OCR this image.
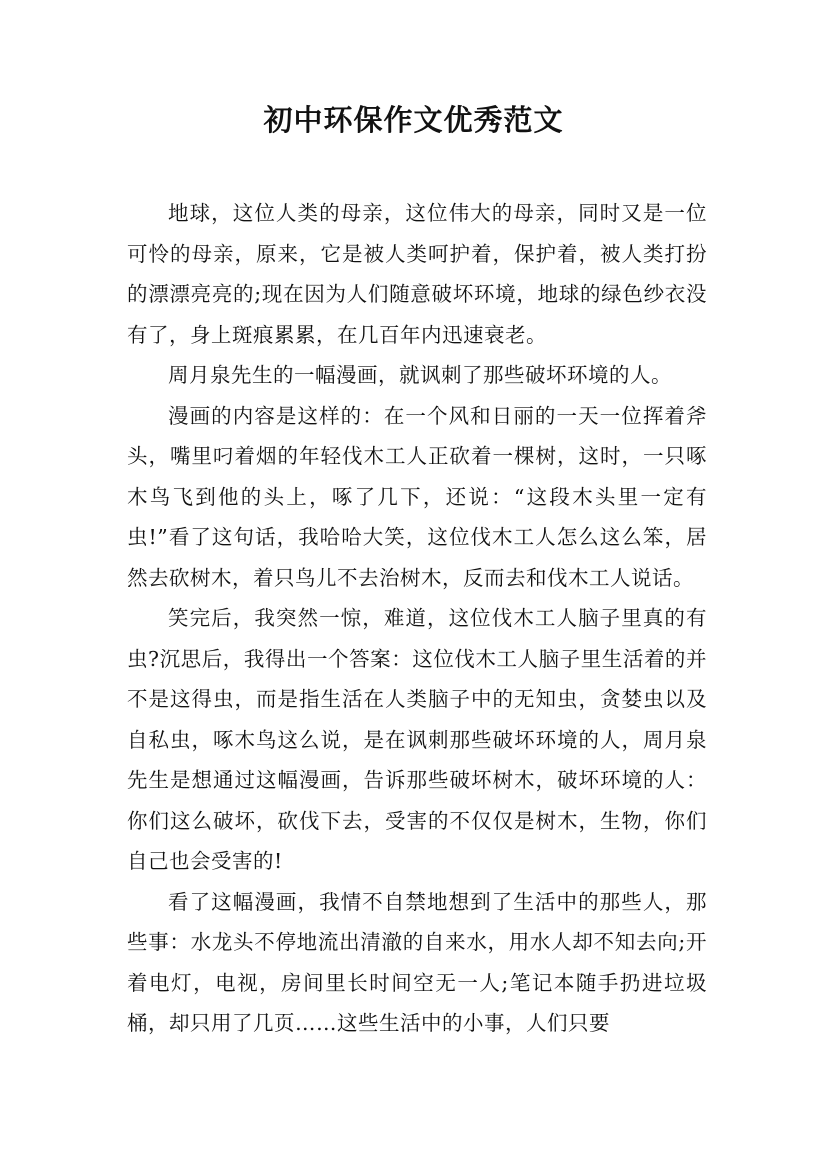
初中环保作文优秀范文

地球，这位人类的母亲，这位伟大的母亲，同时又是一位可怜的母亲，原来，它是被人类呵护着，保护着，被人类打扮的漂漂亮亮的;现在因为人们随意破坏环境，地球的绿色纱衣没有了，身上斑痕累累，在几百年内迅速衰老。

周月泉先生的一幅漫画，就讽刺了那些破坏环境的人。

漫画的内容是这样的：在一个风和日丽的一天一位挥着斧头，嘴里叼着烟的年轻伐木工人正砍着一棵树，这时，一只啄木鸟飞到他的头上，啄了几下，还说：“这段木头里一定有虫!”看了这句话，我哈哈大笑，这位伐木工人怎么这么笨，居然去砍树木，着只鸟儿不去治树木，反而去和伐木工人说话。

笑完后，我突然一惊，难道，这位伐木工人脑子里真的有虫?沉思后，我得出一个答案：这位伐木工人脑子里生活着的并不是这得虫，而是指生活在人类脑子中的无知虫，贪婪虫以及自私虫，啄木鸟这么说，是在讽刺那些破坏环境的人，周月泉先生是想通过这幅漫画，告诉那些破坏树木，破坏环境的人：你们这么破坏，砍伐下去，受害的不仅仅是树木，生物，你们自己也会受害的!

看了这幅漫画，我情不自禁地想到了生活中的那些人，那些事：水龙头不停地流出清澈的自来水，用水人却不知去向;开着电灯，电视，房间里长时间空无一人;笔记本随手扔进垃圾桶，却只用了几页……这些生活中的小事，人们只要
